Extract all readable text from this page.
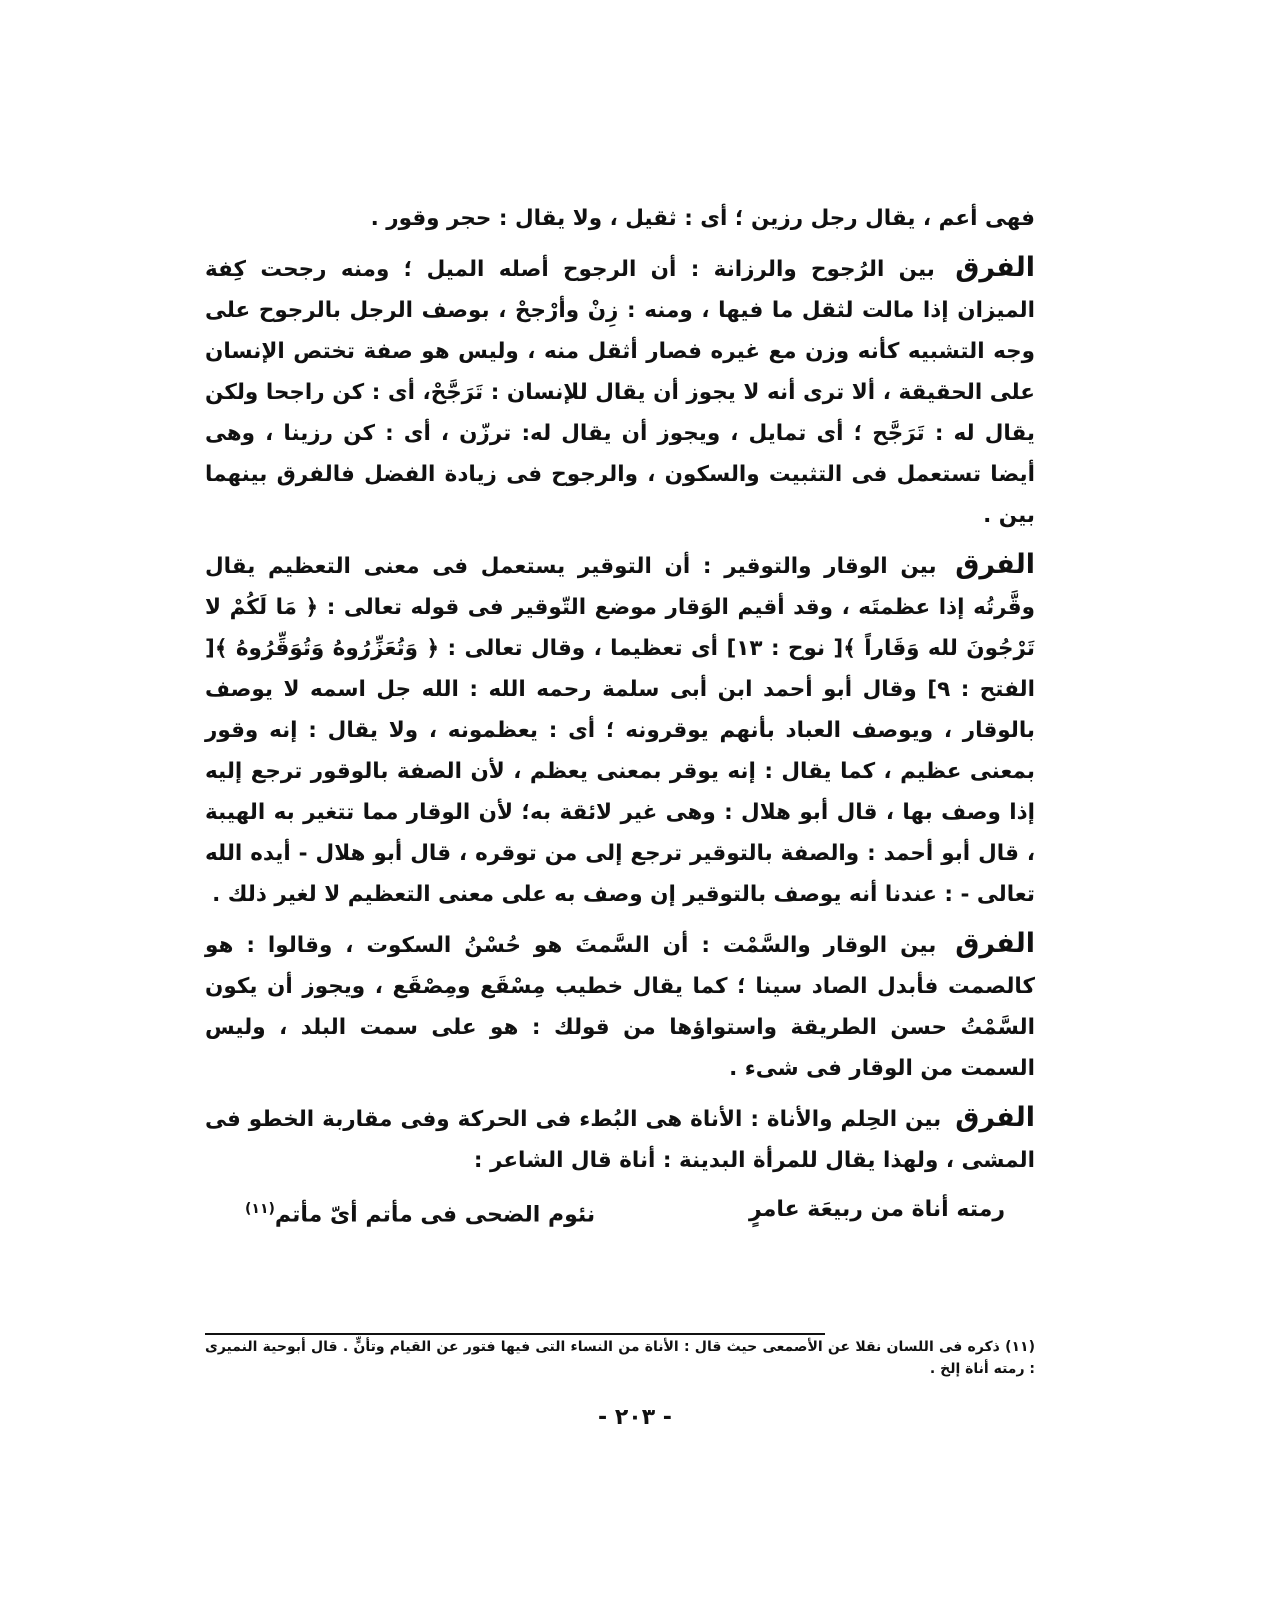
فهى أعم ، يقال رجل رزين ؛ أى : ثقيل ، ولا يقال : حجر وقور .

الفرق بين الرُجوح والرزانة : أن الرجوح أصله الميل ؛ ومنه رجحت كِفة الميزان إذا مالت لثقل ما فيها ، ومنه : زِنْ وأرْجحْ ، بوصف الرجل بالرجوح على وجه التشبيه كأنه وزن مع غيره فصار أثقل منه ، وليس هو صفة تختص الإنسان على الحقيقة ، ألا ترى أنه لا يجوز أن يقال للإنسان : تَرَجَّحْ، أى : كن راجحا ولكن يقال له : تَرَجَّح ؛ أى تمايل ، ويجوز أن يقال له: ترزّن ، أى : كن رزينا ، وهى أيضا تستعمل فى التثبيت والسكون ، والرجوح فى زيادة الفضل فالفرق بينهما بين .

الفرق بين الوقار والتوقير : أن التوقير يستعمل فى معنى التعظيم يقال وقَّرتُه إذا عظمتَه ، وقد أقيم الوَقار موضع التّوقير فى قوله تعالى : ﴿ مَا لَكُمْ لا تَرْجُونَ لله وَقَاراً ﴾[ نوح : ١٣] أى تعظيما ، وقال تعالى : ﴿ وَتُعَزِّرُوهُ وَتُوَقِّرُوهُ ﴾[ الفتح : ٩] وقال أبو أحمد ابن أبى سلمة رحمه الله : الله جل اسمه لا يوصف بالوقار ، ويوصف العباد بأنهم يوقرونه ؛ أى : يعظمونه ، ولا يقال : إنه وقور بمعنى عظيم ، كما يقال : إنه يوقر بمعنى يعظم ، لأن الصفة بالوقور ترجع إليه إذا وصف بها ، قال أبو هلال : وهى غير لائقة به؛ لأن الوقار مما تتغير به الهيبة ، قال أبو أحمد : والصفة بالتوقير ترجع إلى من توقره ، قال أبو هلال - أيده الله تعالى - : عندنا أنه يوصف بالتوقير إن وصف به على معنى التعظيم لا لغير ذلك .

الفرق بين الوقار والسَّمْت : أن السَّمتَ هو حُسْنُ السكوت ، وقالوا : هو كالصمت فأبدل الصاد سينا ؛ كما يقال خطيب مِسْقَع ومِصْقَع ، ويجوز أن يكون السَّمْتُ حسن الطريقة واستواؤها من قولك : هو على سمت البلد ، وليس السمت من الوقار فى شىء .

الفرق بين الحِلم والأناة : الأناة هى البُطء فى الحركة وفى مقاربة الخطو فى المشى ، ولهذا يقال للمرأة البدينة : أناة قال الشاعر :

رمته أناة من ربيعَة عامرٍ
نئوم الضحى فى مأتم أىّ مأتم$^{(١١)}$
(١١) ذكره فى اللسان نقلا عن الأصمعى حيث قال : الأناة من النساء التى فيها فتور عن القيام وتأنٍّ . قال أبوحية النميرى : رمته أناة إلخ .
- ٢٠٣ -
